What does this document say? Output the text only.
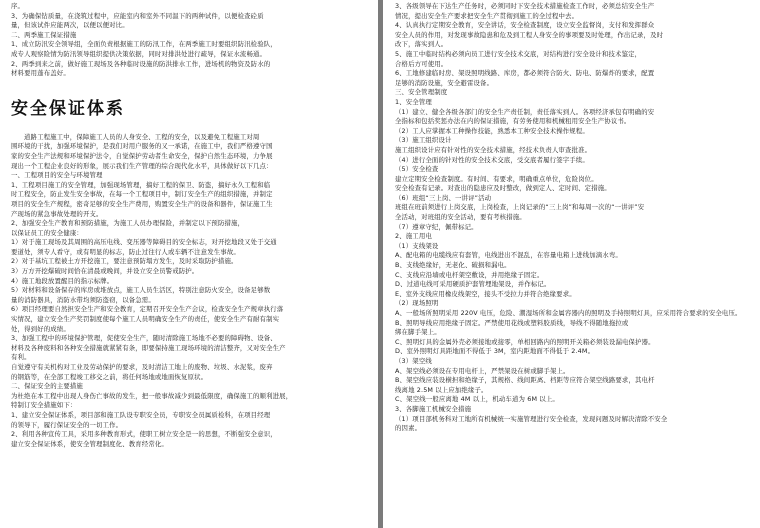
序。
3、为确保钻质量，在浇筑过程中，应能室内和室外不同温下的两种试件，以便检查砼质
量，但该试件应能两次，以便以便对比。
二、两季施工保证措施
1、成立防汛安全领导组，全面负责根据施工的防汛工作，在两季施工时要组织防汛检验队，
成专人观察险情为防汛领导组织提供决策依据，同时对排洪处进行疏导，保证水流畅通。
2、两季到来之前，做好施工现场及各种临时设施的防洪排水工作，进场机的物资及防水的
材料要用蓬布盖好。
安全保证体系
道路工程施工中，保障施工人员的人身安全、工程的安全，以及避免工程施工对周
围环境的干扰，加强环境保护，是我们对用户服务的又一承诺，在施工中，我们严格遵守国
家的安全生产法规和环境保护法令，自觉保护劳动者生命安全，保护自然生态环境，力争展
现出一个工程企业良好的形象，展示我们生产管理的综合现代化水平，具体做好以下几点：
一、工程项目的安全与环境管理
1、工程项目施工的安全管理，加强现场管理，搞好工程的保卫、防盗，搞好永久工程和临
时工程安全，防止发生安全事故，在每一个工程项目中，制订安全生产的组织措施，并制定
项目的安全生产规程，密奇足够的安全生产费用，购置安全生产的设备和器件，保证施工生
产现场的紧急事故处理的开支。
2、加强安全生产教育和预防措施，为施工人员办理保险，并制定以下预防措施，
以保证员工的安全健康：
1）对于施工现场及其周围的高压电线、变压器等障碍目的安全标志，对开挖地段又处于交通
要道处，须专人看守，或有明显的标志，防止过往行人或车辆不注意发生事故。
2）对于基坑工程被土方开挖施工，要注意预防塌方发生，及时采取防护措施。
3）万方开挖爆破时间恰在清晨或晚间，并设立安全员警戒防护。
4）施工地段放置醒目的指示标牌。
5）对材料和设备保存的库房或堆放点，施工人员生活区，特别注意防火安全，设备足够数
量的消防器具，消防水带均须防盗窃，以备急需。
6）项目经理要自然担安全生产和安全教育，定期召开安全生产会议，检查安全生产规章执行落
实情况，建立安全生产奖罚制度使每个施工人员明确安全生产的责任，使安全生产有耐有制实
处，得到好的成绩。
3、加强工程中的环境保护管理，促使安全生产，随时清除施工场地不必要的障碍物、设备、
材料及各种废料和各种安全措施就紧紧有条，即要保持施工现场环境的清洁整齐，又对安全生产
有利。
自觉遵守有关机构对工业及劳动保护的要求，及时清洁工地上的废物、垃圾、水泥浆，废弃
的钢筋等，在全部工程竣工移交之前，将任何场地或地面恢复原状。
二、保证安全的主要措施
为杜绝在本工程中出现人身伤亡事故的发生，把一般事故减少到最低限度，确保施工的顺利进展，
特制订安全措施如下：
1、建立安全保证体系，项目部和施工队设专职安全员，专职安全员属质检科，在项目经理
的领导下，履行保证安全的一切工作。
2、利用各种宣传工具，采用多种教育形式，使职工树立安全是一的思想，不断强安全意识，
建立安全保证体系，使安全管理制度化、教育经常化。
3、各级领导在下达生产任务时，必须同时下安全技术措施检查工作时，必须总结安全生产
情况，提出安全生产要求把安全生产贯彻到施工的全过程中去。
4、认真执行定期安全教育，安全讲话，安全检查制度，设立安全监督岗，支付和发挥群众
安全人员的作用，对发现事故隐患和危及到工程人身安全的事项要及时处理，作出记录，及时
改下，落实到人。
5、施工中临时结构必须向员工进行安全技术交底，对结构进行安全设计和技术鉴定，
合格后方可使用。
6、工地修建临时房、架设照明线路、库房，都必须符合防火、防电、防爆炸的要求，配置
足够的消防设施，安全避雷设备。
三、安全管理制度
1、安全管理
（1）建立、健全各级各部门的安全生产责任制，责任落实到人。各项经济承包有明确的安
全指标和包括奖惩办法在内的保证措施，有劳务使用和机械租用安全生产协议书。
（2）工人应掌握本工种操作技能，熟悉本工种安全技术操作规程。
（3）施工组织设计
施工组织设计应有针对性的安全技术措施，经技术负责人审查批准。
（4）进行全面的针对性的安全技术交底，受交底者履行签字手续。
（5）安全检查
建立定期安全检查制度。有时间、有要求，明确重点单位，危险岗位。
安全检查有记录。对查出的隐患应及时整改，做到定人、定时间、定措施。
（6）班组“三上岗、一讲评”活动
班组在班前须进行上岗交底，上岗检查，上岗记录的“三上岗”和每周一次的“一讲评”安
全活动，对班组的安全活动，要有考核措施。
（7）遵章守纪，佩带标记。
2、施工用电
（1）支线架设
A、配电箱的电缆线应有套管，电线进出不混乱，在容量电箱上进线加滴水弯。
B、支线绝缘好，无老化、破损和漏电。
C、支线应沿墙或电杆架空敷设，并用绝缘子固定。
D、过道电线可采用硬质护套管埋地架设，并作标记。
E、室外支线应用橡皮线架空，接头不受拉力并符合绝缘要求。
（2）现场照明
A、一般场所照明采用 220V 电压，危险、潮湿场所和金属容器内的照明及手持照明灯具，应采用符合要求的安全电压。
B、照明导线应用绝缘子固定。严禁使用花线或塑料胶质线，导线不得随地拖拉或
绑在脚手架上。
C、照明灯具的金属外壳必须接地或接零，单相回路内的照明开关箱必须装设漏电保护器。
D、室外照明灯具距地面不得低于 3M，室内距地面不得低于 2.4M。
（3）架空线
A、架空线必须设在专用电杆上，严禁架设在树或脚手架上。
B、架空线应装设横担和绝缘子，其规格、线间距离、档距等应符合架空线路要求，其电杆
线离地 2.5M 以上应加绝缘子。
C、架空线一般应离地 4M 以上，机动车道为 6M 以上。
3、各脚施工机械安全措施
（1）项目部机务科对工地所有机械统一实施管理进行安全检查，发现问题及时解决清除不安全
的因素。
